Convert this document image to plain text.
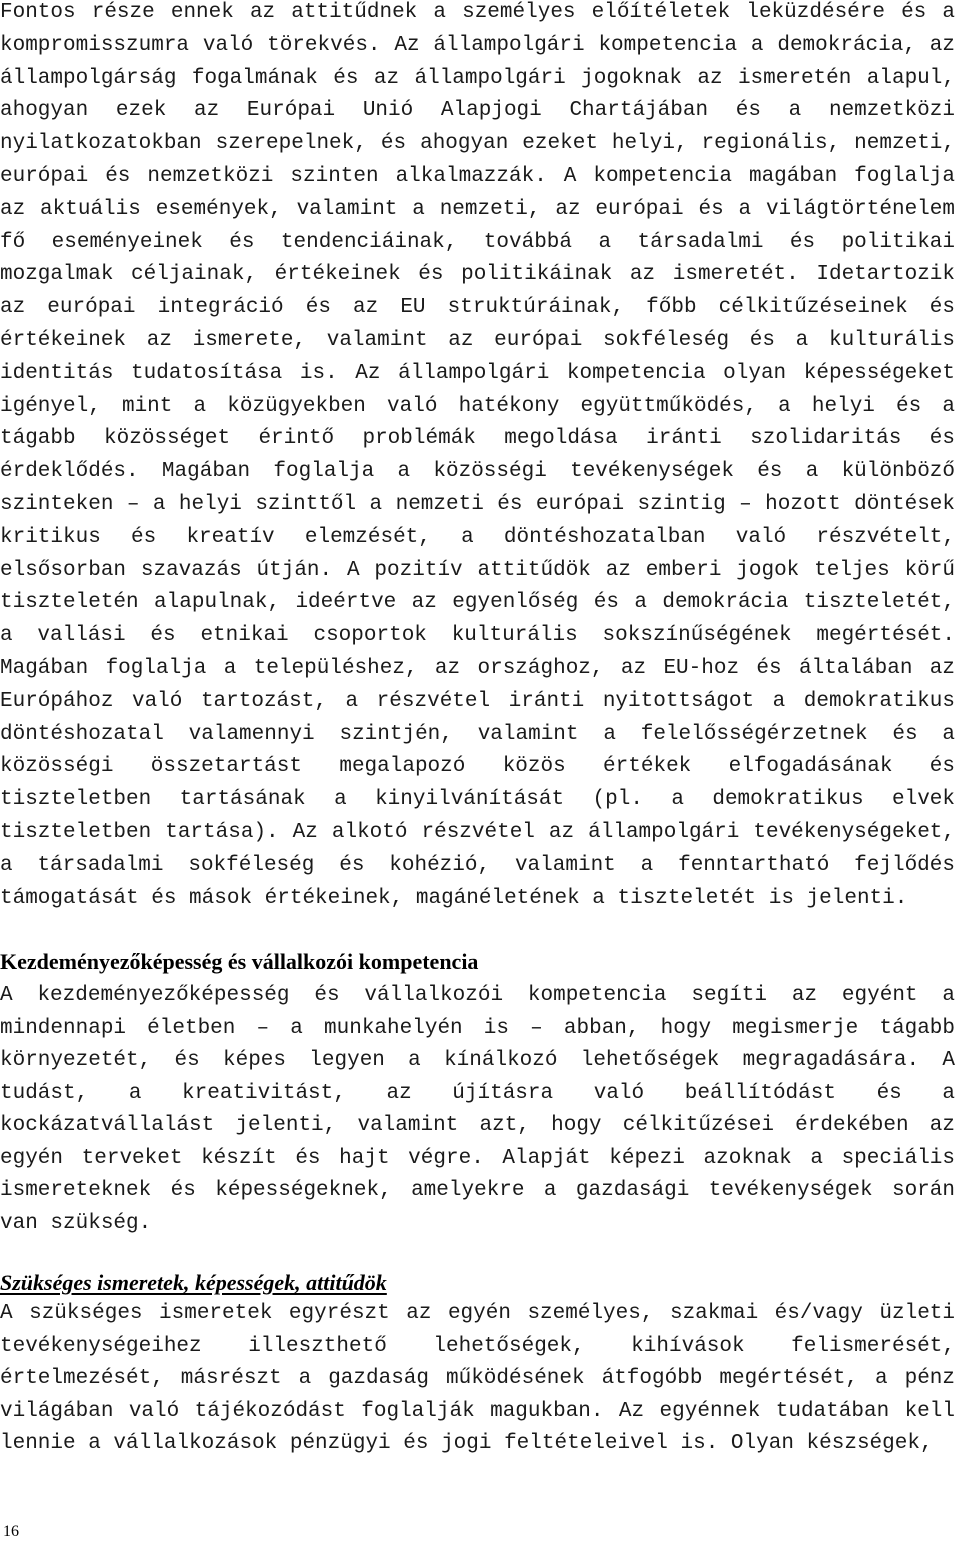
Fontos része ennek az attitűdnek a személyes előítéletek leküzdésére és a kompromisszumra való törekvés. Az állampolgári kompetencia a demokrácia, az állampolgárság fogalmának és az állampolgári jogoknak az ismeretén alapul, ahogyan ezek az Európai Unió Alapjogi Chartájában és a nemzetközi nyilatkozatokban szerepelnek, és ahogyan ezeket helyi, regionális, nemzeti, európai és nemzetközi szinten alkalmazzák. A kompetencia magában foglalja az aktuális események, valamint a nemzeti, az európai és a világtörténelem fő eseményeinek és tendenciáinak, továbbá a társadalmi és politikai mozgalmak céljainak, értékeinek és politikáinak az ismeretét. Idetartozik az európai integráció és az EU struktúráinak, főbb célkitűzéseinek és értékeinek az ismerete, valamint az európai sokféleség és a kulturális identitás tudatosítása is. Az állampolgári kompetencia olyan képességeket igényel, mint a közügyekben való hatékony együttműködés, a helyi és a tágabb közösséget érintő problémák megoldása iránti szolidaritás és érdeklődés. Magában foglalja a közösségi tevékenységek és a különböző szinteken – a helyi szinttől a nemzeti és európai szintig – hozott döntések kritikus és kreatív elemzését, a döntéshozatalban való részvételt, elsősorban szavazás útján. A pozitív attitűdök az emberi jogok teljes körű tiszteletén alapulnak, ideértve az egyenlőség és a demokrácia tiszteletét, a vallási és etnikai csoportok kulturális sokszínűségének megértését. Magában foglalja a településhez, az országhoz, az EU-hoz és általában az Európához való tartozást, a részvétel iránti nyitottságot a demokratikus döntéshozatal valamennyi szintjén, valamint a felelősségérzetnek és a közösségi összetartást megalapozó közös értékek elfogadásának és tiszteletben tartásának a kinyilvánítását (pl. a demokratikus elvek tiszteletben tartása). Az alkotó részvétel az állampolgári tevékenységeket, a társadalmi sokféleség és kohézió, valamint a fenntartható fejlődés támogatását és mások értékeinek, magánéletének a tiszteletét is jelenti.

Kezdeményezőképesség és vállalkozói kompetencia

A kezdeményezőképesség és vállalkozói kompetencia segíti az egyént a mindennapi életben – a munkahelyén is – abban, hogy megismerje tágabb környezetét, és képes legyen a kínálkozó lehetőségek megragadására. A tudást, a kreativitást, az újításra való beállítódást és a kockázatvállalást jelenti, valamint azt, hogy célkitűzései érdekében az egyén terveket készít és hajt végre. Alapját képezi azoknak a speciális ismereteknek és képességeknek, amelyekre a gazdasági tevékenységek során van szükség.

Szükséges ismeretek, képességek, attitűdök

A szükséges ismeretek egyrészt az egyén személyes, szakmai és/vagy üzleti tevékenységeihez illeszthető lehetőségek, kihívások felismerését, értelmezését, másrészt a gazdaság működésének átfogóbb megértését, a pénz világában való tájékozódást foglalják magukban. Az egyénnek tudatában kell lennie a vállalkozások pénzügyi és jogi feltételeivel is. Olyan készségek,

16
